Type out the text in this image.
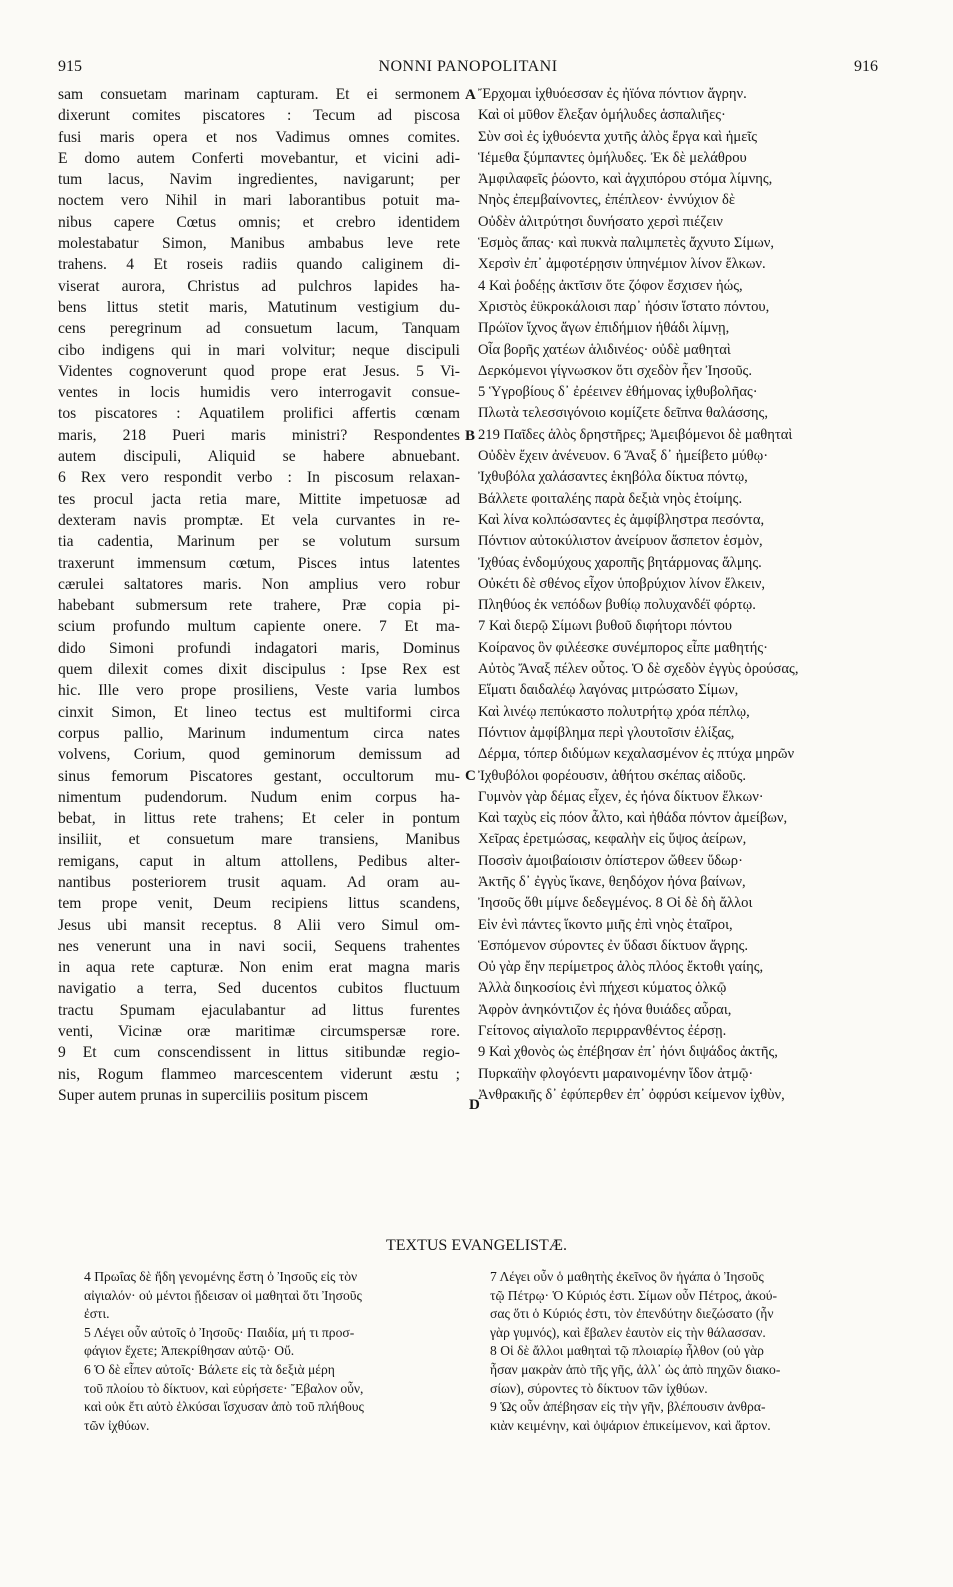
915	NONNI PANOPOLITANI	916
sam consuetam marinam capturam. Et ei sermonem
dixerunt comites piscatores : Tecum ad piscosa
fusi maris opera et nos Vadimus omnes comites.
E domo autem Conferti movebantur, et vicini adi-
tum lacus, Navim ingredientes, navigarunt; per
noctem vero Nihil in mari laborantibus potuit ma-
nibus capere Cœtus omnis; et crebro identidem
molestabatur Simon, Manibus ambabus leve rete
trahens. 4 Et roseis radiis quando caliginem di-
viserat aurora, Christus ad pulchros lapides ha-
bens littus stetit maris, Matutinum vestigium du-
cens peregrinum ad consuetum lacum, Tanquam
cibo indigens qui in mari volvitur; neque discipuli
Videntes cognoverunt quod prope erat Jesus. 5 Vi-
ventes in locis humidis vero interrogavit consue-
tos piscatores : Aquatilem prolifici affertis cœnam
maris, 218 Pueri maris ministri? Respondentes
autem discipuli, Aliquid se habere abnuebant.
6 Rex vero respondit verbo : In piscosum relaxan-
tes procul jacta retia mare, Mittite impetuosæ ad
dexteram navis promptæ. Et vela curvantes in re-
tia cadentia, Marinum per se volutum sursum
traxerunt immensum cœtum, Pisces intus latentes
cærulei saltatores maris. Non amplius vero robur
habebant submersum rete trahere, Præ copia pi-
scium profundo multum capiente onere. 7 Et ma-
dido Simoni profundi indagatori maris, Dominus
quem dilexit comes dixit discipulus : Ipse Rex est
hic. Ille vero prope prosiliens, Veste varia lumbos
cinxit Simon, Et lineo tectus est multiformi circa
corpus pallio, Marinum indumentum circa nates
volvens, Corium, quod geminorum demissum ad
sinus femorum Piscatores gestant, occultorum mu-
nimentum pudendorum. Nudum enim corpus ha-
bebat, in littus rete trahens; Et celer in pontum
insiliit, et consuetum mare transiens, Manibus
remigans, caput in altum attollens, Pedibus alter-
nantibus posteriorem trusit aquam. Ad oram au-
tem prope venit, Deum recipiens littus scandens,
Jesus ubi mansit receptus. 8 Alii vero Simul om-
nes venerunt una in navi socii, Sequens trahentes
in aqua rete capturæ. Non enim erat magna maris
navigatio a terra, Sed ducentos cubitos fluctuum
tractu Spumam ejaculabantur ad littus furentes
venti, Vicinæ oræ maritimæ circumspersæ rore.
9 Et cum conscendissent in littus sitibundæ regio-
nis, Rogum flammeo marcescentem viderunt æstu ;
Super autem prunas in superciliis positum piscem
Ἔρχομαι ἰχθυόεσσαν ἐς ἠϊόνα πόντιον ἄγρην.
Καὶ οἱ μῦθον ἔλεξαν ὁμήλυδες ἁσπαλιῆες·
Σὺν σοὶ ἐς ἰχθυόεντα χυτῆς ἁλὸς ἔργα καὶ ἡμεῖς
Ἱέμεθα ξύμπαντες ὁμήλυδες. Ἐκ δὲ μελάθρου
Ἀμφιλαφεῖς ῥώοντο, καὶ ἀγχιπόρου στόμα λίμνης,
Νηὸς ἐπεμβαίνοντες, ἐπέπλεον· ἐννύχιον δὲ
Οὐδὲν ἁλιτρύτησι δυνήσατο χερσὶ πιέζειν
Ἑσμὸς ἅπας· καὶ πυκνὰ παλιμπετὲς ἄχνυτο Σίμων,
Χερσὶν ἐπ᾽ ἀμφοτέρῃσιν ὑπηνέμιον λίνον ἕλκων.
4 Καὶ ῥοδέῃς ἀκτῖσιν ὅτε ζόφον ἔσχισεν ἠώς,
Χριστὸς ἐϋκροκάλοισι παρ᾽ ἠόσιν ἵστατο πόντου,
Πρώϊον ἴχνος ἄγων ἐπιδήμιον ἠθάδι λίμνῃ,
Οἷα βορῆς χατέων ἁλιδινέος· οὐδὲ μαθηταὶ
Δερκόμενοι γίγνωσκον ὅτι σχεδὸν ἦεν Ἰησοῦς.
5 Ὑγροβίους δ᾽ ἐρέεινεν ἐθήμονας ἰχθυβολῆας·
Πλωτὰ τελεσσιγόνοιο κομίζετε δεῖπνα θαλάσσης,
219 Παῖδες ἁλὸς δρηστῆρες; Ἀμειβόμενοι δὲ μαθηταὶ
Οὐδὲν ἔχειν ἀνένευον. 6 Ἄναξ δ᾽ ἠμείβετο μύθῳ·
Ἰχθυβόλα χαλάσαντες ἑκηβόλα δίκτυα πόντῳ,
Βάλλετε φοιταλέης παρὰ δεξιὰ νηὸς ἑτοίμης.
Καὶ λίνα κολπώσαντες ἐς ἀμφίβληστρα πεσόντα,
Πόντιον αὐτοκύλιστον ἀνείρυον ἄσπετον ἑσμὸν,
Ἰχθύας ἐνδομύχους χαροπῆς βητάρμονας ἅλμης.
Οὐκέτι δὲ σθένος εἶχον ὑποβρύχιον λίνον ἕλκειν,
Πληθύος ἐκ νεπόδων βυθίῳ πολυχανδέϊ φόρτῳ.
7 Καὶ διερῷ Σίμωνι βυθοῦ διφήτορι πόντου
Κοίρανος ὃν φιλέεσκε συνέμπορος εἶπε μαθητής·
Αὐτὸς Ἄναξ πέλεν οὗτος. Ὁ δὲ σχεδὸν ἐγγὺς ὀρούσας,
Εἵματι δαιδαλέῳ λαγόνας μιτρώσατο Σίμων,
Καὶ λινέῳ πεπύκαστο πολυτρήτῳ χρόα πέπλῳ,
Πόντιον ἀμφίβλημα περὶ γλουτοῖσιν ἑλίξας,
Δέρμα, τόπερ διδύμων κεχαλασμένον ἐς πτύχα μηρῶν
Ἰχθυβόλοι φορέουσιν, ἀθήτου σκέπας αἰδοῦς.
Γυμνὸν γὰρ δέμας εἶχεν, ἐς ἠόνα δίκτυον ἕλκων·
Καὶ ταχὺς εἰς πόον ἆλτο, καὶ ἠθάδα πόντον ἀμείβων,
Χεῖρας ἐρετμώσας, κεφαλὴν εἰς ὕψος ἀείρων,
Ποσσὶν ἀμοιβαίοισιν ὀπίστερον ὤθεεν ὕδωρ·
Ἀκτῆς δ᾽ ἐγγὺς ἵκανε, θεηδόχον ἠόνα βαίνων,
Ἰησοῦς ὅθι μίμνε δεδεγμένος. 8 Οἱ δὲ δὴ ἄλλοι
Εἰν ἑνὶ πάντες ἵκοντο μιῆς ἐπὶ νηὸς ἑταῖροι,
Ἑσπόμενον σύροντες ἐν ὕδασι δίκτυον ἄγρης.
Οὐ γὰρ ἔην περίμετρος ἁλὸς πλόος ἔκτοθι γαίης,
Ἀλλὰ διηκοσίοις ἐνὶ πήχεσι κύματος ὁλκῷ
Ἀφρὸν ἀνηκόντιζον ἐς ἠόνα θυιάδες αὖραι,
Γείτονος αἰγιαλοῖο περιρρανθέντος ἐέρσῃ.
9 Καὶ χθονὸς ὡς ἐπέβησαν ἐπ᾽ ἠόνι διψάδος ἀκτῆς,
Πυρκαϊὴν φλογόεντι μαραινομένην ἴδον ἀτμῷ·
Ἀνθρακιῆς δ᾽ ἐφύπερθεν ἐπ᾽ ὀφρύσι κείμενον ἰχθὺν,
A
B
C
D
TEXTUS EVANGELISTÆ.
4 Πρωΐας δὲ ἤδη γενομένης ἔστη ὁ Ἰησοῦς εἰς τὸν
αἰγιαλόν· οὐ μέντοι ᾔδεισαν οἱ μαθηταὶ ὅτι Ἰησοῦς
ἐστι.
5 Λέγει οὖν αὐτοῖς ὁ Ἰησοῦς· Παιδία, μή τι προσ-
φάγιον ἔχετε; Ἀπεκρίθησαν αὐτῷ· Οὔ.
6 Ὁ δὲ εἶπεν αὐτοῖς· Βάλετε εἰς τὰ δεξιὰ μέρη
τοῦ πλοίου τὸ δίκτυον, καὶ εὑρήσετε· Ἔβαλον οὖν,
καὶ οὐκ ἔτι αὐτὸ ἑλκύσαι ἴσχυσαν ἀπὸ τοῦ πλήθους
τῶν ἰχθύων.
7 Λέγει οὖν ὁ μαθητὴς ἐκεῖνος ὃν ἠγάπα ὁ Ἰησοῦς
τῷ Πέτρῳ· Ὁ Κύριός ἐστι. Σίμων οὖν Πέτρος, ἀκού-
σας ὅτι ὁ Κύριός ἐστι, τὸν ἐπενδύτην διεζώσατο (ἦν
γὰρ γυμνός), καὶ ἔβαλεν ἑαυτὸν εἰς τὴν θάλασσαν.
8 Οἱ δὲ ἄλλοι μαθηταὶ τῷ πλοιαρίῳ ἦλθον (οὐ γὰρ
ἦσαν μακρὰν ἀπὸ τῆς γῆς, ἀλλ᾽ ὡς ἀπὸ πηχῶν διακο-
σίων), σύροντες τὸ δίκτυον τῶν ἰχθύων.
9 Ὡς οὖν ἀπέβησαν εἰς τὴν γῆν, βλέπουσιν ἀνθρα-
κιὰν κειμένην, καὶ ὀψάριον ἐπικείμενον, καὶ ἄρτον.
